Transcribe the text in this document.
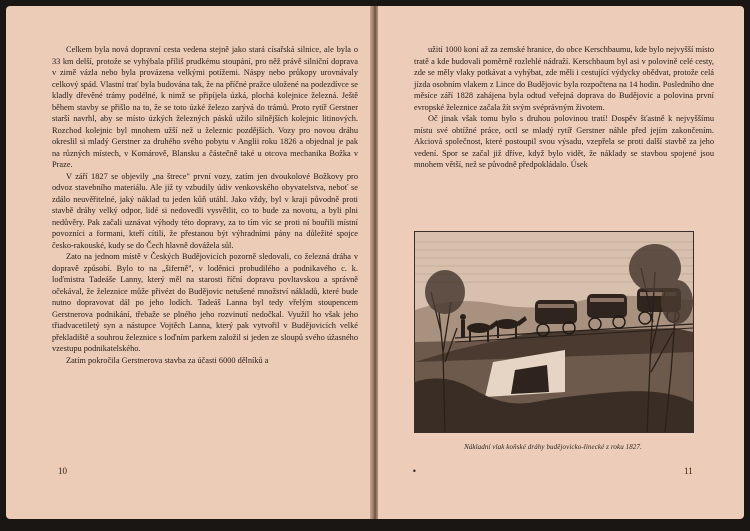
Celkem byla nová dopravní cesta vedena stejně jako stará císařská silnice, ale byla o 33 km delší, protože se vyhýbala příliš prudkému stoupání, pro něž právě silniční doprava v zimě vázla nebo byla provázena velkými potížemi. Náspy nebo průkopy urovnávaly celkový spád. Vlastní trať byla budována tak, že na příčné pražce uložené na podezdívce se kladly dřevěné trámy podélné, k nimž se připíjela úzká, plochá kolejnice železná. Ještě během stavby se přišlo na to, že se toto úzké železo zarývá do trámů. Proto rytíř Gerstner starší navrhl, aby se místo úzkých železných pásků užilo silnějších kolejnic litinových. Rozchod kolejnic byl mnohem užší než u železnic pozdějších. Vozy pro novou dráhu okreslil si mladý Gerstner za druhého svého pobytu v Anglii roku 1826 a objednal je pak na různých místech, v Komárově, Blansku a částečně také u otcova mechanika Božka v Praze.

V září 1827 se objevily „na štrece" první vozy, zatím jen dvoukolové Božkovy pro odvoz stavebního materiálu. Ale již ty vzbudily údiv venkovského obyvatelstva, neboť se zdálo neuvěřitelné, jaký náklad tu jeden kůň utáhl. Jako vždy, byl v kraji původně proti stavbě dráhy velký odpor, lidé si nedovedli vysvětlit, co to bude za novotu, a byli plni nedůvěry. Pak začali uznávat výhody této dopravy, za to tím víc se proti ní bouřili místní povozníci a formani, kteří cítili, že přestanou být výhradními pány na důležité spojce česko-rakouské, kudy se do Čech hlavně dovážela sůl.

Zato na jednom místě v Českých Budějovicích pozorně sledovali, co železná dráha v dopravě způsobí. Bylo to na „šiferně", v loděnici probudilého a podnikavého c. k. loďmistra Tadeáše Lanny, který měl na starosti říční dopravu povltavskou a správně očekával, že železnice může přivézt do Budějovic netušené množství nákladů, které bude nutno dopravovat dál po jeho lodích. Tadeáš Lanna byl tedy vřelým stoupencem Gerstnerova podnikání, třebaže se plného jeho rozvinutí nedočkal. Využil ho však jeho třiadvacetiletý syn a nástupce Vojtěch Lanna, který pak vytvořil v Budějovicích velké překladiště a souhrou železnice s loďním parkem založil si jeden ze sloupů svého úžasného vzestupu podnikatelského.

Zatím pokročila Gerstnerova stavba za účasti 6000 dělníků a

10

užití 1000 koní až za zemské hranice, do obce Kerschbaumu, kde bylo nejvyšší místo tratě a kde budovali poměrně rozlehlé nádraží. Kerschbaum byl asi v polovině celé cesty, zde se měly vlaky potkávat a vyhýbat, zde měli i cestující výdycky obědvat, protože celá jízda osobním vlakem z Lince do Budějovic byla rozpočtena na 14 hodin. Posledního dne měsíce září 1828 zahájena byla odtud veřejná doprava do Budějovic a polovina první evropské železnice začala žít svým svéprávným životem.

Oč jinak však tomu bylo s druhou polovinou tratí! Dospěv šťastně k nejvyššímu místu své obtížné práce, octl se mladý rytíř Gerstner náhle před jejím zakončením. Akciová společnost, které postoupil svou výsadu, vzepřela se proti další stavbě za jeho vedení. Spor se začal již dříve, když bylo vidět, že náklady se stavbou spojené jsou mnohem větší, než se původně předpokládalo. Úsek

Nákladní vlak koňské dráhy budějovicko-linecké z roku 1827.
•	11
